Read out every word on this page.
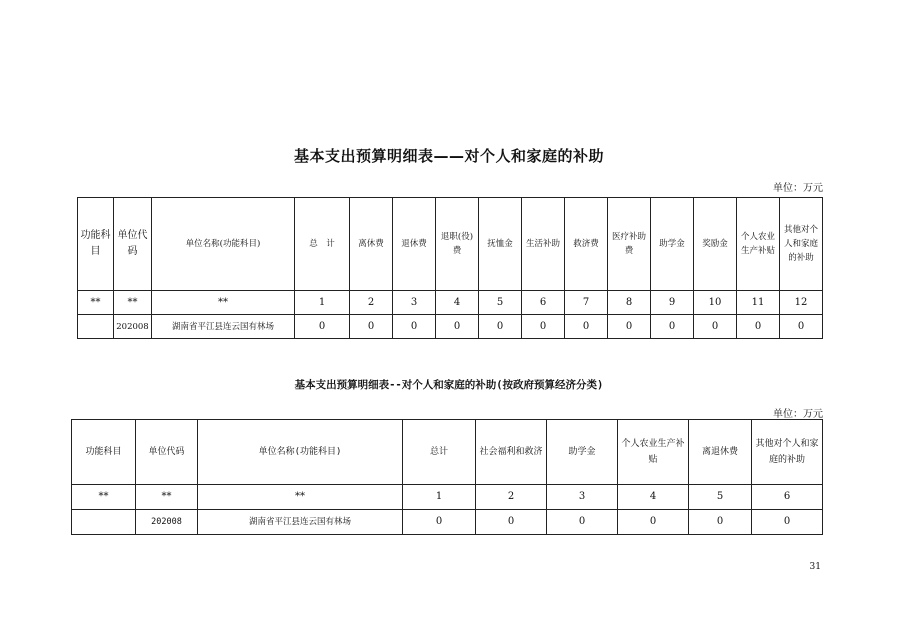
基本支出预算明细表——对个人和家庭的补助
单位：万元
功能科目	单位代码	单位名称(功能科目)	总　计	离休费	退休费	退职(役)费	抚恤金	生活补助	救济费	医疗补助费	助学金	奖励金	个人农业生产补贴	其他对个人和家庭的补助
**	**	**	1	2	3	4	5	6	7	8	9	10	11	12
	202008	湖南省平江县连云国有林场	0	0	0	0	0	0	0	0	0	0	0	0
基本支出预算明细表--对个人和家庭的补助(按政府预算经济分类)
单位：万元
功能科目	单位代码	单位名称(功能科目)	总计	社会福利和救济	助学金	个人农业生产补贴	离退休费	其他对个人和家庭的补助
**	**	**	1	2	3	4	5	6
	202008	湖南省平江县连云国有林场	0	0	0	0	0	0
31
